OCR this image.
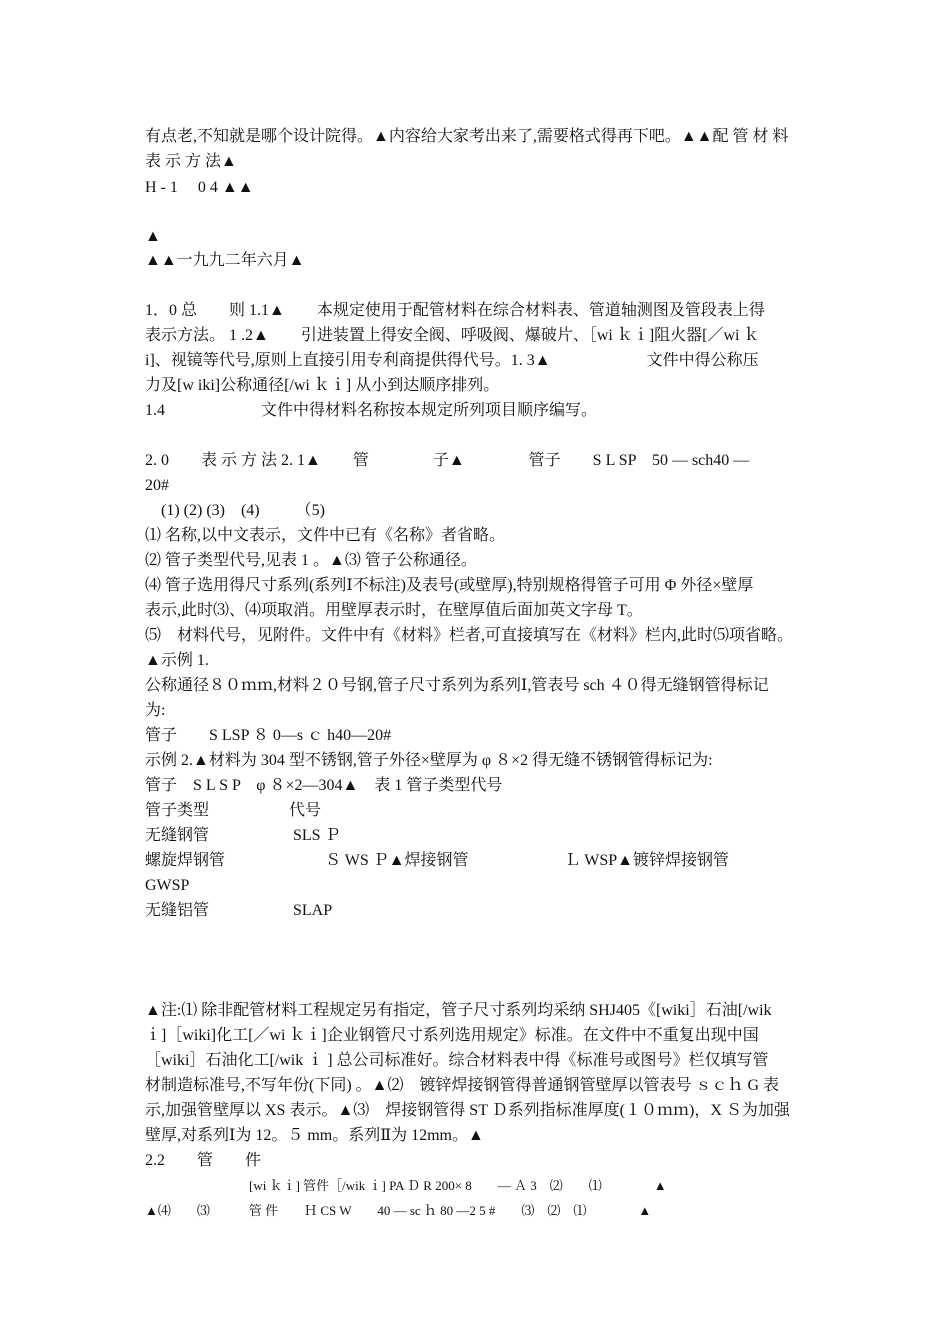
有点老,不知就是哪个设计院得。▲内容给大家考出来了,需要格式得再下吧。▲▲配 管 材 料
表 示 方 法▲
H - 1　 0 4 ▲▲
▲
▲▲一九九二年六月▲
1．0 总　　则 1.1▲　　本规定使用于配管材料在综合材料表、管道轴测图及管段表上得
表示方法。 1 .2▲　　引进装置上得安全阀、呼吸阀、爆破片、［wi ｋｉ]阻火器[／wi ｋ
i]、视镜等代号,原则上直接引用专利商提供得代号。1. 3▲　　　　　　文件中得公称压
力及[w iki]公称通径[/wi ｋｉ] 从小到达顺序排列。
1.4　　　　　　文件中得材料名称按本规定所列项目顺序编写。
2. 0　　表 示 方 法 2. 1▲　　管　　　　子▲　　　　管子　　S L SP　50 — sch40 —
20#
　(1) (2) (3)　(4)　　 （5)
⑴ 名称,以中文表示，文件中已有《名称》者省略。
⑵ 管子类型代号,见表 1 。▲⑶ 管子公称通径。
⑷ 管子选用得尺寸系列(系列Ⅰ不标注)及表号(或壁厚),特别规格得管子可用 Φ 外径×壁厚
表示,此时⑶、⑷项取消。用壁厚表示时，在壁厚值后面加英文字母 T。
⑸　材料代号，见附件。文件中有《材料》栏者,可直接填写在《材料》栏内,此时⑸项省略。
▲示例 1.
公称通径８０ｍｍ,材料２０号钢,管子尺寸系列为系列Ⅰ,管表号 sch ４０得无缝钢管得标记
为:
管子　　S LSP ８ 0—s ｃ h40—20#
示例 2.▲材料为 304 型不锈钢,管子外径×壁厚为 φ ８×2 得无缝不锈钢管得标记为:
管子　S L S P　φ ８×2—304▲　表 1 管子类型代号
管子类型　　　　　代号
无缝钢管　　　　　 SLS Ｐ
螺旋焊钢管　　　　　　 Ｓ WS Ｐ▲焊接钢管　　　　　　Ｌ WSP▲镀锌焊接钢管
GWSP
无缝铝管　　　　　 SLAP
▲注:⑴ 除非配管材料工程规定另有指定，管子尺寸系列均采纳 SHJ405《[wiki］石油[/wik
ｉ]［wiki]化工[／wi ｋｉ]企业钢管尺寸系列选用规定》标准。在文件中不重复出现中国
［wiki］石油化工[/wik ｉ ] 总公司标准好。综合材料表中得《标准号或图号》栏仅填写管
材制造标准号,不写年份(下同) 。▲⑵　镀锌焊接钢管得普通钢管壁厚以管表号 ｓｃｈ G 表
示,加强管壁厚以 XS 表示。▲⑶　焊接钢管得 ST Ｄ系列指标准厚度(１０ｍｍ)，X Ｓ为加强
壁厚,对系列Ⅰ为 12。５ mm。系列Ⅱ为 12mm。▲
2.2　　管　　件
　　　　　　　　[wi ｋｉ] 管件［/wik ｉ] PA Ｄ R 200× 8　　— Ａ 3　⑵　　⑴　　　　▲
▲⑷　　⑶　　　管 件　　Ｈ CS W　　40 — sc ｈ 80 —2 5 #　　⑶　⑵　⑴　　　　▲
